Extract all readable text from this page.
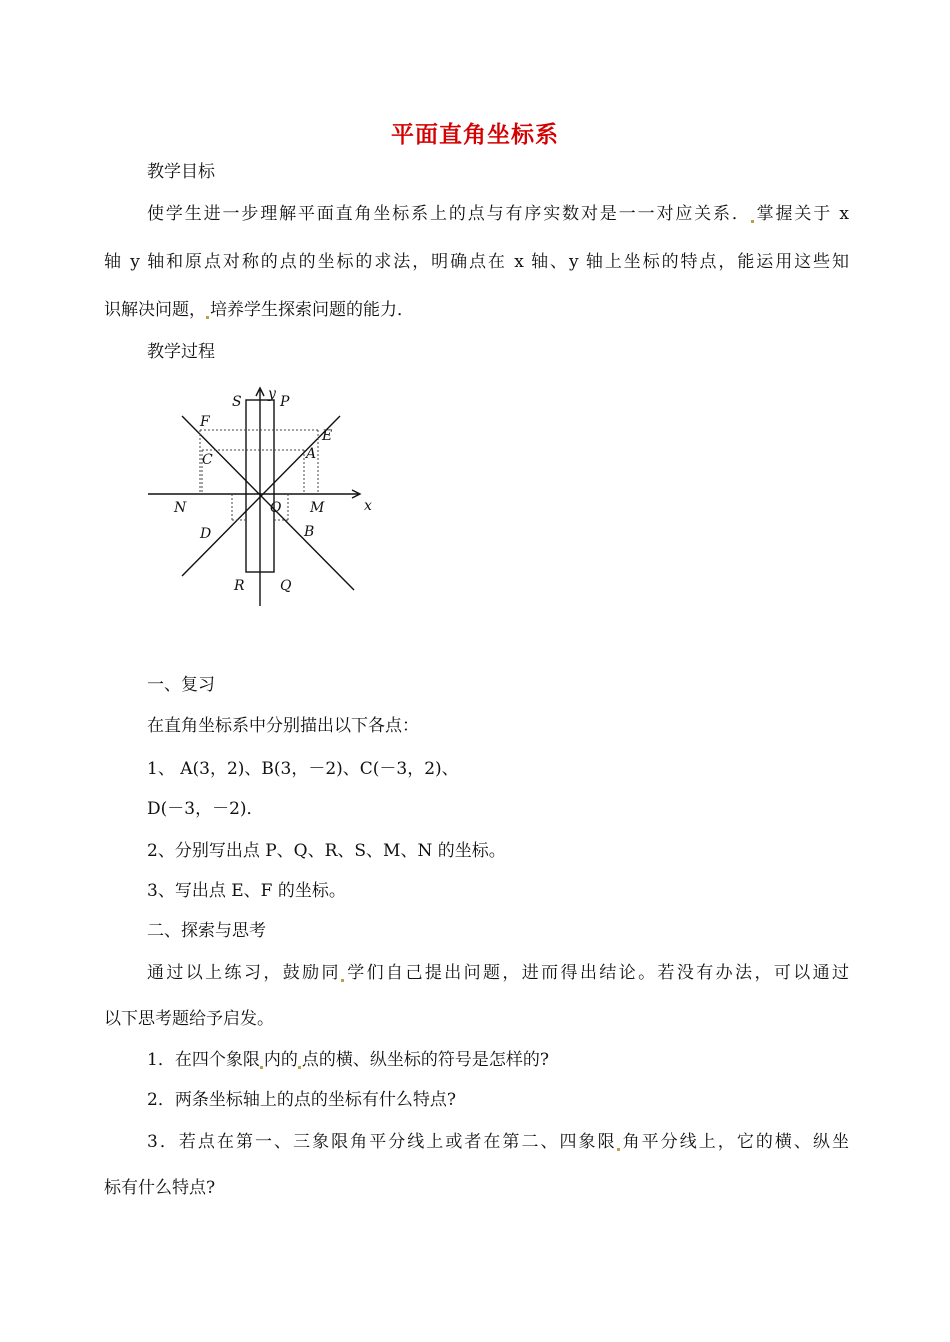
平面直角坐标系
教学目标
使学生进一步理解平面直角坐标系上的点与有序实数对是一一对应关系． 掌握关于 x
轴 y 轴和原点对称的点的坐标的求法，明确点在 x 轴、y 轴上坐标的特点，能运用这些知
识解决问题， 培养学生探索问题的能力．
教学过程
y
S	P
F
E
C	A
x
N	O M
D	B
R	Q
一、复习
在直角坐标系中分别描出以下各点：
1、 A(3，2)、B(3，－2)、C(－3，2)、
D(－3，－2)．
2、分别写出点 P、Q、R、S、M、N 的坐标。
3、写出点 E、F 的坐标。
二、探索与思考
通过以上练习，鼓励同 学们自己提出问题，进而得出结论。若没有办法，可以通过
以下思考题给予启发。
1．在四个象限 内的 点的横、纵坐标的符号是怎样的?
2．两条坐标轴上的点的坐标有什么特点?
3．若点在第一、三象限角平分线上或者在第二、四象限 角平分线上，它的横、纵坐
标有什么特点?
